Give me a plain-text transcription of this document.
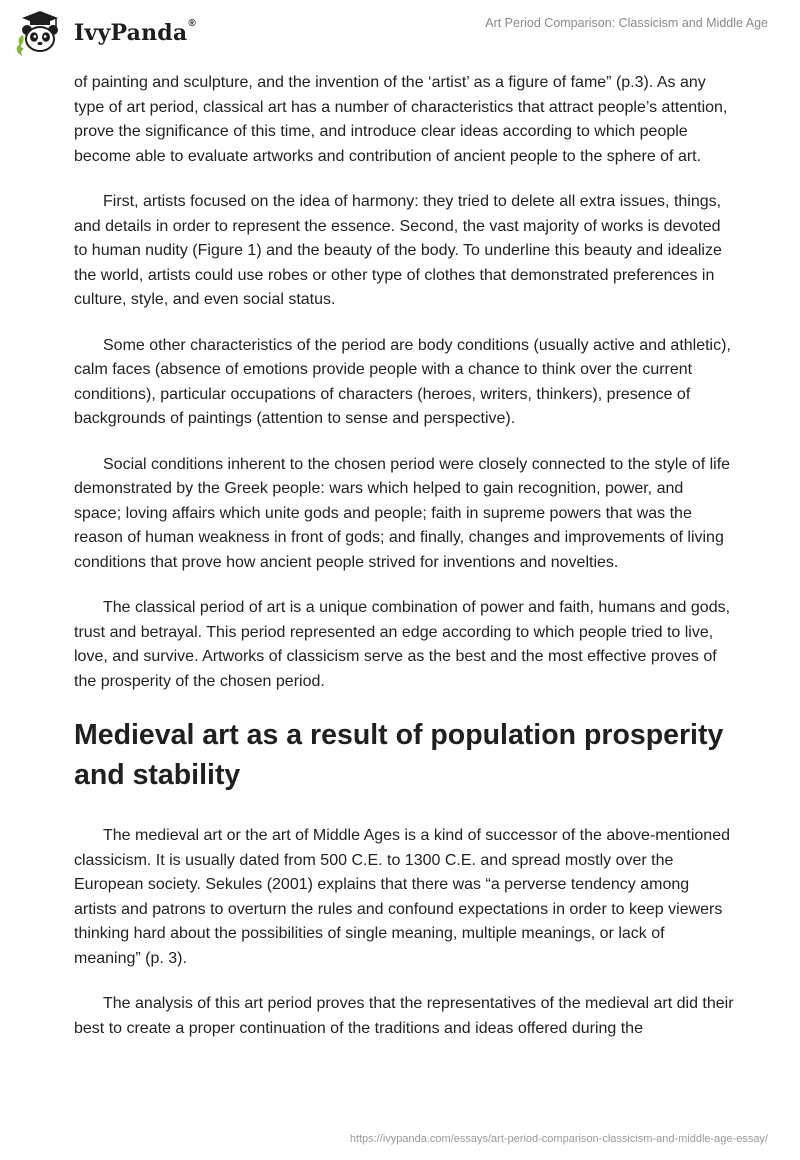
IvyPanda®	Art Period Comparison: Classicism and Middle Age

of painting and sculpture, and the invention of the ‘artist’ as a figure of fame” (p.3). As any type of art period, classical art has a number of characteristics that attract people’s attention, prove the significance of this time, and introduce clear ideas according to which people become able to evaluate artworks and contribution of ancient people to the sphere of art.

First, artists focused on the idea of harmony: they tried to delete all extra issues, things, and details in order to represent the essence. Second, the vast majority of works is devoted to human nudity (Figure 1) and the beauty of the body. To underline this beauty and idealize the world, artists could use robes or other type of clothes that demonstrated preferences in culture, style, and even social status.

Some other characteristics of the period are body conditions (usually active and athletic), calm faces (absence of emotions provide people with a chance to think over the current conditions), particular occupations of characters (heroes, writers, thinkers), presence of backgrounds of paintings (attention to sense and perspective).

Social conditions inherent to the chosen period were closely connected to the style of life demonstrated by the Greek people: wars which helped to gain recognition, power, and space; loving affairs which unite gods and people; faith in supreme powers that was the reason of human weakness in front of gods; and finally, changes and improvements of living conditions that prove how ancient people strived for inventions and novelties.

The classical period of art is a unique combination of power and faith, humans and gods, trust and betrayal. This period represented an edge according to which people tried to live, love, and survive. Artworks of classicism serve as the best and the most effective proves of the prosperity of the chosen period.

Medieval art as a result of population prosperity and stability

The medieval art or the art of Middle Ages is a kind of successor of the above-mentioned classicism. It is usually dated from 500 C.E. to 1300 C.E. and spread mostly over the European society. Sekules (2001) explains that there was “a perverse tendency among artists and patrons to overturn the rules and confound expectations in order to keep viewers thinking hard about the possibilities of single meaning, multiple meanings, or lack of meaning” (p. 3).

The analysis of this art period proves that the representatives of the medieval art did their best to create a proper continuation of the traditions and ideas offered during the

https://ivypanda.com/essays/art-period-comparison-classicism-and-middle-age-essay/
